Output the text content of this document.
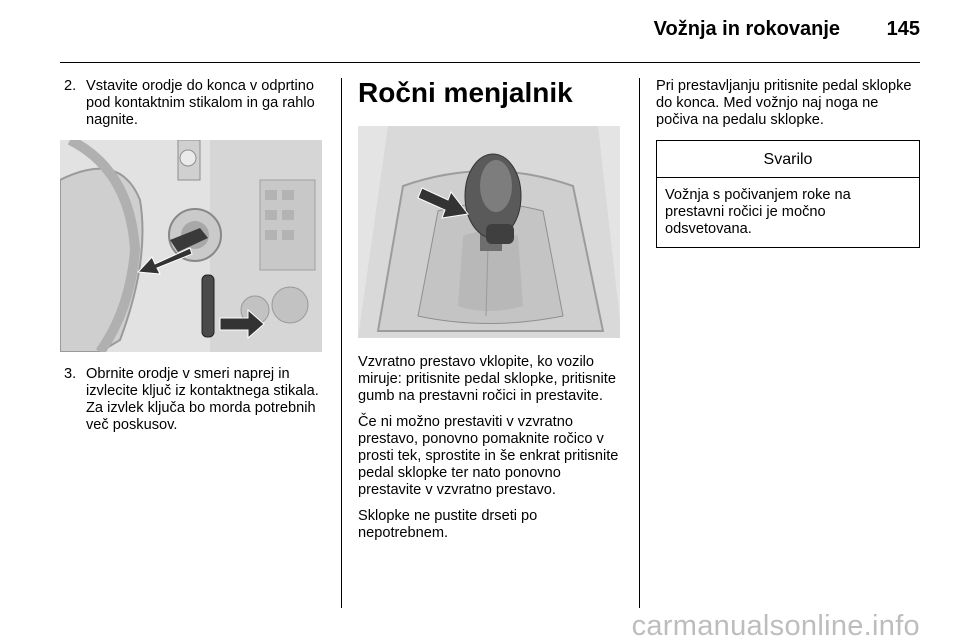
Vožnja in rokovanje 145
2. Vstavite orodje do konca v odprtino pod kontaktnim stikalom in ga rahlo nagnite.
3. Obrnite orodje v smeri naprej in izvlecite ključ iz kontaktnega stikala. Za izvlek ključa bo morda potrebnih več poskusov.
Ročni menjalnik

Vzvratno prestavo vklopite, ko vozilo miruje: pritisnite pedal sklopke, pritisnite gumb na prestavni ročici in prestavite.

Če ni možno prestaviti v vzvratno prestavo, ponovno pomaknite ročico v prosti tek, sprostite in še enkrat pritisnite pedal sklopke ter nato ponovno prestavite v vzvratno prestavo.

Sklopke ne pustite drseti po nepotrebnem.

Pri prestavljanju pritisnite pedal sklopke do konca. Med vožnjo naj noga ne počiva na pedalu sklopke.

Svarilo
Vožnja s počivanjem roke na prestavni ročici je močno odsvetovana.
carmanualsonline.info
